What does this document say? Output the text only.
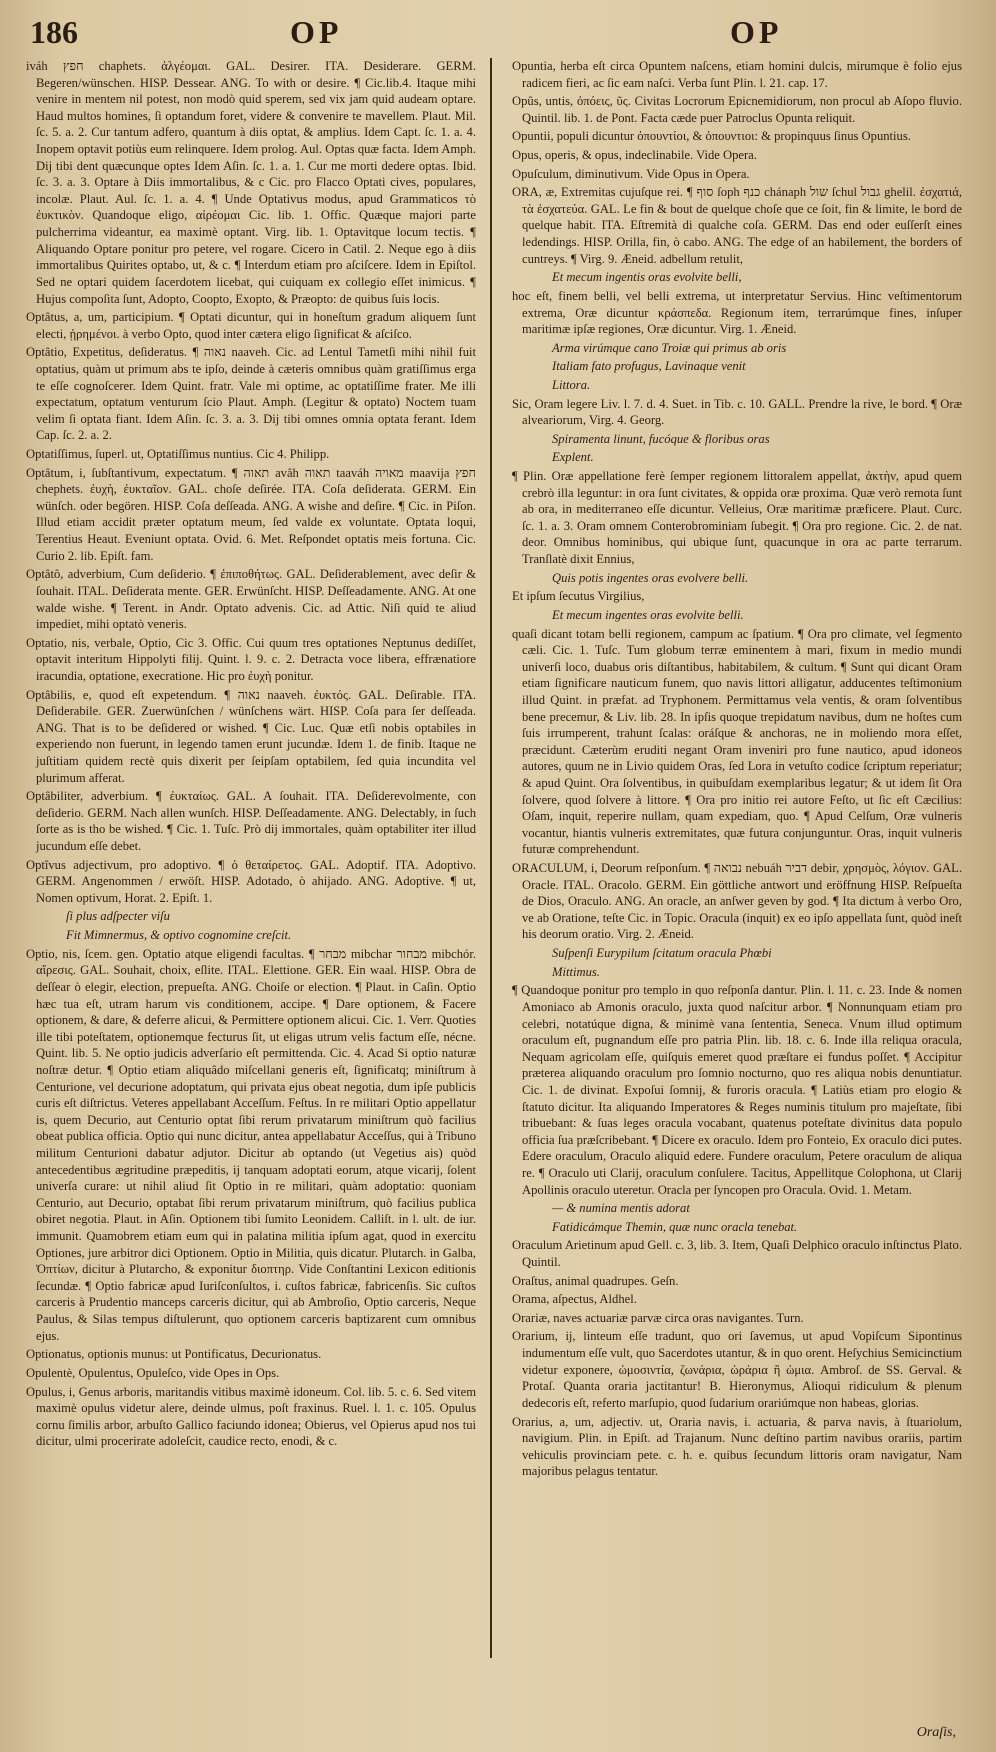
186	OP	OP

iváh חפץ chaphets. ἀλγέομαι. GAL. Desirer. ITA. Desiderare. GERM. Begeren/wünschen. HISP. Dessear. ANG. To with or desire. ¶ Cic.lib.4. Itaque mihi venire in mentem nil potest, non modò quid sperem, sed vix jam quid audeam optare. Haud multos homines, ſi optandum foret, videre & convenire te mavellem. Plaut. Mil. ſc. 5. a. 2. Cur tantum adfero, quantum à diis optat, & amplius. Idem Capt. ſc. 1. a. 4. Inopem optavit potiùs eum relinquere. Idem prolog. Aul. Optas quæ facta. Idem Amph. Dij tibi dent quæcunque optes Idem Aſin. ſc. 1. a. 1. Cur me morti dedere optas. Ibid. ſc. 3. a. 3. Optare à Diis immortalibus, & c Cic. pro Flacco Optati cives, populares, incolæ. Plaut. Aul. ſc. 1. a. 4. ¶ Unde Optativus modus, apud Grammaticos τὸ ἐυκτικὸν. Quandoque eligo, αἱρέομαι Cic. lib. 1. Offic. Quæque majori parte pulcherrima videantur, ea maximè optant. Virg. lib. 1. Optavitque locum tectis. ¶ Aliquando Optare ponitur pro petere, vel rogare. Cicero in Catil. 2. Neque ego à diis immortalibus Quirites optabo, ut, & c. ¶ Interdum etiam pro aſciſcere. Idem in Epiſtol. Sed ne optari quidem ſacerdotem licebat, qui cuiquam ex collegio eſſet inimicus. ¶ Hujus compoſita ſunt, Adopto, Coopto, Exopto, & Præopto: de quibus ſuis locis.

Optâtus, a, um, participium. ¶ Optati dicuntur, qui in honeſtum gradum aliquem ſunt electi, ᾑρημένοι. à verbo Opto, quod inter cætera eligo ſignificat & aſciſco.

Optâtio, Expetitus, deſideratus. ¶ נאוה naaveh. Cic. ad Lentul Tametſi mihi nihil fuit optatius, quàm ut primum abs te ipſo, deinde à cæteris omnibus quàm gratiſſimus erga te eſſe cognoſcerer. Idem Quint. fratr. Vale mi optime, ac optatiſſime frater. Me illi expectatum, optatum venturum ſcio Plaut. Amph. (Legitur & optato) Noctem tuam velim ſi optata fiant. Idem Aſin. ſc. 3. a. 3. Dij tibi omnes omnia optata ferant. Idem Cap. ſc. 2. a. 2.

Optatiſſimus, ſuperl. ut, Optatiſſimus nuntius. Cic 4. Philipp.

Optâtum, i, ſubſtantivum, expectatum. ¶ תאוה avâh תאוה taaváh מאויה maavija חפץ chephets. ἐυχὴ, ἐυκταῖον. GAL. choſe deſirée. ITA. Coſa deſiderata. GERM. Ein wünſch. oder begören. HISP. Coſa deſſeada. ANG. A wishe and deſire. ¶ Cic. in Piſon. Illud etiam accidit præter optatum meum, ſed valde ex voluntate. Optata loqui, Terentius Heaut. Eveniunt optata. Ovid. 6. Met. Reſpondet optatis meis fortuna. Cic. Curio 2. lib. Epiſt. fam.

Optâtô, adverbium, Cum deſiderio. ¶ ἐπιποθήτως. GAL. Deſiderablement, avec deſir & ſouhait. ITAL. Deſiderata mente. GER. Erwünſcht. HISP. Deſſeadamente. ANG. At one walde wishe. ¶ Terent. in Andr. Optato advenis. Cic. ad Attic. Niſi quid te aliud impediet, mihi optatò veneris.

Optatio, nis, verbale, Optio, Cic 3. Offic. Cui quum tres optationes Neptunus dediſſet, optavit interitum Hippolyti filij. Quint. l. 9. c. 2. Detracta voce libera, effrænatiore iracundia, optatione, execratione. Hic pro ἐυχὴ ponitur.

Optâbilis, e, quod eſt expetendum. ¶ נאוה naaveh. ἐυκτός. GAL. Deſirable. ITA. Deſiderabile. GER. Zuerwünſchen / wünſchens wärt. HISP. Coſa para ſer deſſeada. ANG. That is to be deſidered or wished. ¶ Cic. Luc. Quæ etſi nobis optabiles in experiendo non fuerunt, in legendo tamen erunt jucundæ. Idem 1. de finib. Itaque ne juſtitiam quidem rectè quis dixerit per ſeipſam optabilem, ſed quia incundita vel plurimum afferat.

Optâbiliter, adverbium. ¶ ἐυκταίως. GAL. A ſouhait. ITA. Deſiderevolmente, con deſiderio. GERM. Nach allen wunſch. HISP. Deſſeadamente. ANG. Delectably, in ſuch ſorte as is tho be wished. ¶ Cic. 1. Tuſc. Prò dij immortales, quàm optabiliter iter illud jucundum eſſe debet.

Optîvus adjectivum, pro adoptivo. ¶ ὁ θεταίρετος. GAL. Adoptif. ITA. Adoptivo. GERM. Angenommen / erwöſt. HISP. Adotado, ò ahijado. ANG. Adoptive. ¶ ut, Nomen optivum, Horat. 2. Epiſt. 1.

ſi plus adſpecter viſu

Fit Mimnermus, & optivo cognomine creſcit.

Optio, nis, ſcem. gen. Optatio atque eligendi facultas. ¶ מבחר mibchar מבחור mibchór. αἵρεσις. GAL. Souhait, choix, eſlite. ITAL. Elettione. GER. Ein waal. HISP. Obra de deſſear ò elegir, election, prepueſta. ANG. Choiſe or election. ¶ Plaut. in Caſin. Optio hæc tua eſt, utram harum vis conditionem, accipe. ¶ Dare optionem, & Facere optionem, & dare, & deferre alicui, & Permittere optionem alicui. Cic. 1. Verr. Quoties ille tibi poteſtatem, optionemque fecturus ſit, ut eligas utrum velis factum eſſe, nécne. Quint. lib. 5. Ne optio judicis adverſario eſt permittenda. Cic. 4. Acad Si optio naturæ noſtræ detur. ¶ Optio etiam aliquâdo miſcellani generis eſt, ſignificatq; miniſtrum à Centurione, vel decurione adoptatum, qui privata ejus obeat negotia, dum ipſe publicis curis eſt diſtrictus. Veteres appellabant Acceſſum. Feſtus. In re militari Optio appellatur is, quem Decurio, aut Centurio optat ſibi rerum privatarum miniſtrum quò facilius obeat publica officia. Optio qui nunc dicitur, antea appellabatur Acceſſus, qui à Tribuno militum Centurioni dabatur adjutor. Dicitur ab optando (ut Vegetius ais) quòd antecedentibus ægritudine præpeditis, ij tanquam adoptati eorum, atque vicarij, ſolent univerſa curare: ut nihil aliud ſit Optio in re militari, quàm adoptatio: quoniam Centurio, aut Decurio, optabat ſibi rerum privatarum miniſtrum, quò facilius publica obiret negotia. Plaut. in Aſin. Optionem tibi ſumito Leonidem. Calliſt. in l. ult. de iur. immunit. Quamobrem etiam eum qui in palatina militia ipſum agat, quod in exercitu Optiones, jure arbitror dici Optionem. Optio in Militia, quis dicatur. Plutarch. in Galba, Ὀπτίων, dicitur à Plutarcho, & exponitur διοπτηρ. Vide Conſtantini Lexicon editionis ſecundæ. ¶ Optio fabricæ apud Iuriſconſultos, i. cuſtos fabricæ, fabricenſis. Sic cuſtos carceris à Prudentio manceps carceris dicitur, qui ab Ambroſio, Optio carceris, Neque Paulus, & Silas tempus diſtulerunt, quo optionem carceris baptizarent cum omnibus ejus.

Optionatus, optionis munus: ut Pontificatus, Decurionatus.

Opulentè, Opulentus, Opuleſco, vide Opes in Ops.

Opulus, i, Genus arboris, maritandis vitibus maximè idoneum. Col. lib. 5. c. 6. Sed vitem maximè opulus videtur alere, deinde ulmus, poſt fraxinus. Ruel. l. 1. c. 105. Opulus cornu ſimilis arbor, arbuſto Gallico faciundo idonea; Obierus, vel Opierus apud nos tui dicitur, ulmi procerirate adoleſcit, caudice recto, enodi, & c.

Opuntia, herba eſt circa Opuntem naſcens, etiam homini dulcis, mirumque è folio ejus radicem fieri, ac ſic eam naſci. Verba ſunt Plin. l. 21. cap. 17.

Opûs, untis, ὀπόεις, ῦς. Civitas Locrorum Epicnemidiorum, non procul ab Aſopo fluvio. Quintil. lib. 1. de Pont. Facta cæde puer Patroclus Opunta reliquit.

Opuntii, populi dicuntur ὀπουντίοι, & ὀπουντιοι: & propinquus ſinus Opuntius.

Opus, operis, & opus, indeclinabile. Vide Opera.

Opuſculum, diminutivum. Vide Opus in Opera.

ORA, æ, Extremitas cujuſque rei. ¶ סוף ſoph כנף chánaph שול ſchul גבול ghelil. ἐσχατιά, τὰ ἐσχατεύα. GAL. Le fin & bout de quelque choſe que ce ſoit, fin & limite, le bord de quelque habit. ITA. Eſtremità di qualche coſa. GERM. Das end oder euſſerſt eines ledendings. HISP. Orilla, fin, ò cabo. ANG. The edge of an habilement, the borders of cuntreys. ¶ Virg. 9. Æneid. adbellum retulit,

Et mecum ingentis oras evolvite belli,

hoc eſt, finem belli, vel belli extrema, ut interpretatur Servius. Hinc veſtimentorum extrema, Oræ dicuntur κράσπεδα. Regionum item, terrarúmque fines, inſuper maritimæ ipſæ regiones, Oræ dicuntur. Virg. 1. Æneid.

Arma virúmque cano Troiæ qui primus ab oris

Italiam fato profugus, Lavinaque venit

Littora.

Sic, Oram legere Liv. l. 7. d. 4. Suet. in Tib. c. 10. GALL. Prendre la rive, le bord. ¶ Oræ alveariorum, Virg. 4. Georg.

Spiramenta linunt, fucóque & floribus oras

Explent.

¶ Plin. Oræ appellatione ferè ſemper regionem littoralem appellat, ἀκτὴν, apud quem crebrò illa leguntur: in ora ſunt civitates, & oppida oræ proxima. Quæ verò remota ſunt ab ora, in mediterraneo eſſe dicuntur. Velleius, Oræ maritimæ præficere. Plaut. Curc. ſc. 1. a. 3. Oram omnem Conterobrominiam ſubegit. ¶ Ora pro regione. Cic. 2. de nat. deor. Omnibus hominibus, qui ubique ſunt, quacunque in ora ac parte terrarum. Tranſlatè dixit Ennius,

Quis potis ingentes oras evolvere belli.

Et ipſum ſecutus Virgilius,

Et mecum ingentes oras evolvite belli.

quaſi dicant totam belli regionem, campum ac ſpatium. ¶ Ora pro climate, vel ſegmento cæli. Cic. 1. Tuſc. Tum globum terræ eminentem à mari, fixum in medio mundi univerſi loco, duabus oris diſtantibus, habitabilem, & cultum. ¶ Sunt qui dicant Oram etiam ſignificare nauticum funem, quo navis littori alligatur, adducentes teſtimonium illud Quint. in præfat. ad Tryphonem. Permittamus vela ventis, & oram ſolventibus bene precemur, & Liv. lib. 28. In ipſis quoque trepidatum navibus, dum ne hoſtes cum ſuis irrumperent, trahunt ſcalas: oráſque & anchoras, ne in moliendo mora eſſet, præcidunt. Cæterùm eruditi negant Oram inveniri pro fune nautico, apud idoneos autores, quum ne in Livio quidem Oras, ſed Lora in vetuſto codice ſcriptum reperiatur; & apud Quint. Ora ſolventibus, in quibuſdam exemplaribus legatur; & ut idem ſit Ora ſolvere, quod ſolvere à littore. ¶ Ora pro initio rei autore Feſto, ut ſic eſt Cæcilius: Oſam, inquit, reperire nullam, quam expediam, quo. ¶ Apud Celſum, Oræ vulneris vocantur, hiantis vulneris extremitates, quæ futura conjunguntur. Oras, inquit vulneris futuræ comprehendunt.

ORACULUM, i, Deorum reſponſum. ¶ נבואה nebuáh דביר debir, χρησμὸς, λόγιον. GAL. Oracle. ITAL. Oracolo. GERM. Ein göttliche antwort und eröffnung HISP. Reſpueſta de Dios, Oraculo. ANG. An oracle, an anſwer geven by god. ¶ Ita dictum à verbo Oro, ve ab Oratione, teſte Cic. in Topic. Oracula (inquit) ex eo ipſo appellata ſunt, quòd ineſt his deorum oratio. Virg. 2. Æneid.

Suſpenſi Eurypilum ſcitatum oracula Phœbi

Mittimus.

¶ Quandoque ponitur pro templo in quo reſponſa dantur. Plin. l. 11. c. 23. Inde & nomen Amoniaco ab Amonis oraculo, juxta quod naſcitur arbor. ¶ Nonnunquam etiam pro celebri, notatúque digna, & minimè vana ſententia, Seneca. Vnum illud optimum oraculum eſt, pugnandum eſſe pro patria Plin. lib. 18. c. 6. Inde illa reliqua oracula, Nequam agricolam eſſe, quiſquis emeret quod præſtare ei fundus poſſet. ¶ Accipitur præterea aliquando oraculum pro ſomnio nocturno, quo res aliqua nobis denuntiatur. Cic. 1. de divinat. Expoſui ſomnij, & furoris oracula. ¶ Latiùs etiam pro elogio & ſtatuto dicitur. Ita aliquando Imperatores & Reges numinis titulum pro majeſtate, ſibi tribuebant: & ſuas leges oracula vocabant, quatenus poteſtate divinitus data populo officia ſua præſcribebant. ¶ Dicere ex oraculo. Idem pro Fonteio, Ex oraculo dici putes. Edere oraculum, Oraculo aliquid edere. Fundere oraculum, Petere oraculum de aliqua re. ¶ Oraculo uti Clarij, oraculum conſulere. Tacitus, Appellitque Colophona, ut Clarij Apollinis oraculo uteretur. Oracla per ſyncopen pro Oracula. Ovid. 1. Metam.

— & numina mentis adorat

Fatidicámque Themin, quæ nunc oracla tenebat.

Oraculum Arietinum apud Gell. c. 3, lib. 3. Item, Quaſi Delphico oraculo inſtinctus Plato. Quintil.

Oraſtus, animal quadrupes. Geſn.

Orama, aſpectus, Aldhel.

Orariæ, naves actuariæ parvæ circa oras navigantes. Turn.

Orarium, ij, linteum eſſe tradunt, quo ori ſavemus, ut apud Vopiſcum Sipontinus indumentum eſſe vult, quo Sacerdotes utantur, & in quo orent. Heſychius Semicinctium videtur exponere, ὠμοσιντία, ζωνάρια, ὠράρια ἢ ὠμια. Ambroſ. de SS. Gerval. & Protaſ. Quanta oraria jactitantur! B. Hieronymus, Alioqui ridiculum & plenum dedecoris eſt, referto marſupio, quod ſudarium orariúmque non habeas, glorias.

Orarius, a, um, adjectiv. ut, Oraria navis, i. actuaria, & parva navis, à ſtuariolum, navigium. Plin. in Epiſt. ad Trajanum. Nunc deſtino partim navibus orariis, partim vehiculis provinciam pete. c. h. e. quibus ſecundum littoris oram navigatur, Nam majoribus pelagus tentatur.

Oraſis,
